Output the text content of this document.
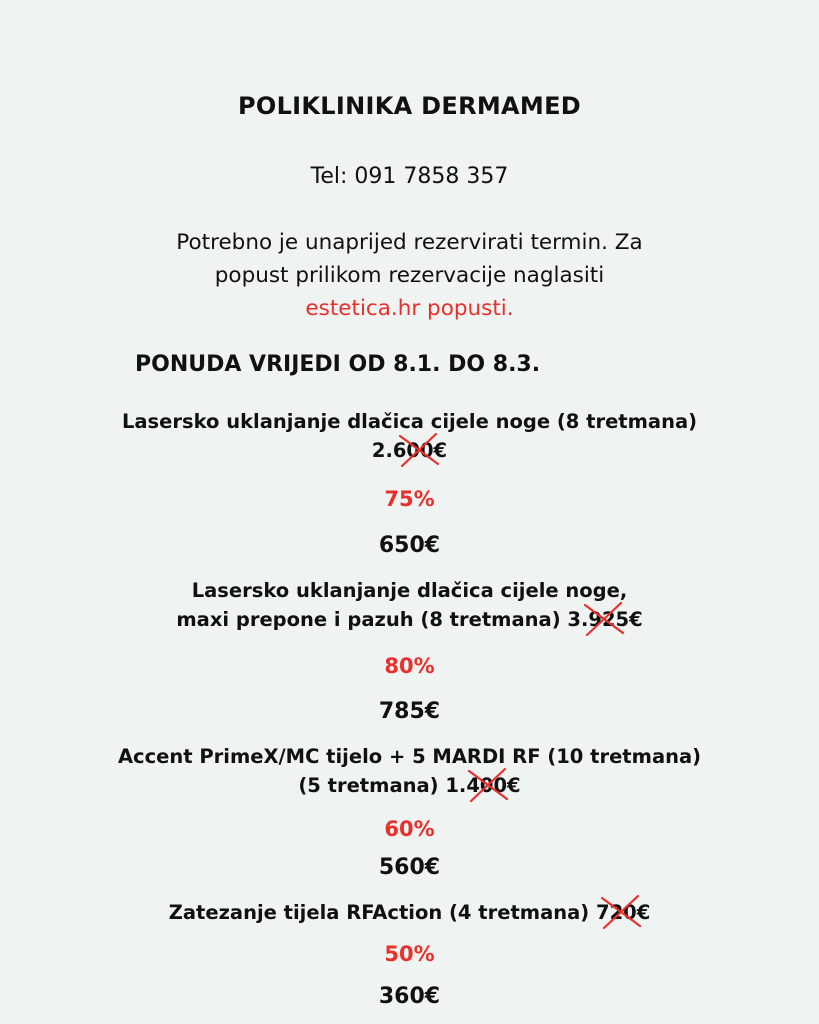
POLIKLINIKA DERMAMED
Tel: 091 7858 357
Potrebno je unaprijed rezervirati termin. Za
popust prilikom rezervacije naglasiti
estetica.hr popusti.
PONUDA VRIJEDI OD 8.1. DO 8.3.
Lasersko uklanjanje dlačica cijele noge (8 tretmana)
2.600€
75%
650€
Lasersko uklanjanje dlačica cijele noge,
maxi prepone i pazuh (8 tretmana) 3.925€
80%
785€
Accent PrimeX/MC tijelo + 5 MARDI RF (10 tretmana)
(5 tretmana) 1.400€
60%
560€
Zatezanje tijela RFAction (4 tretmana) 720€
50%
360€
